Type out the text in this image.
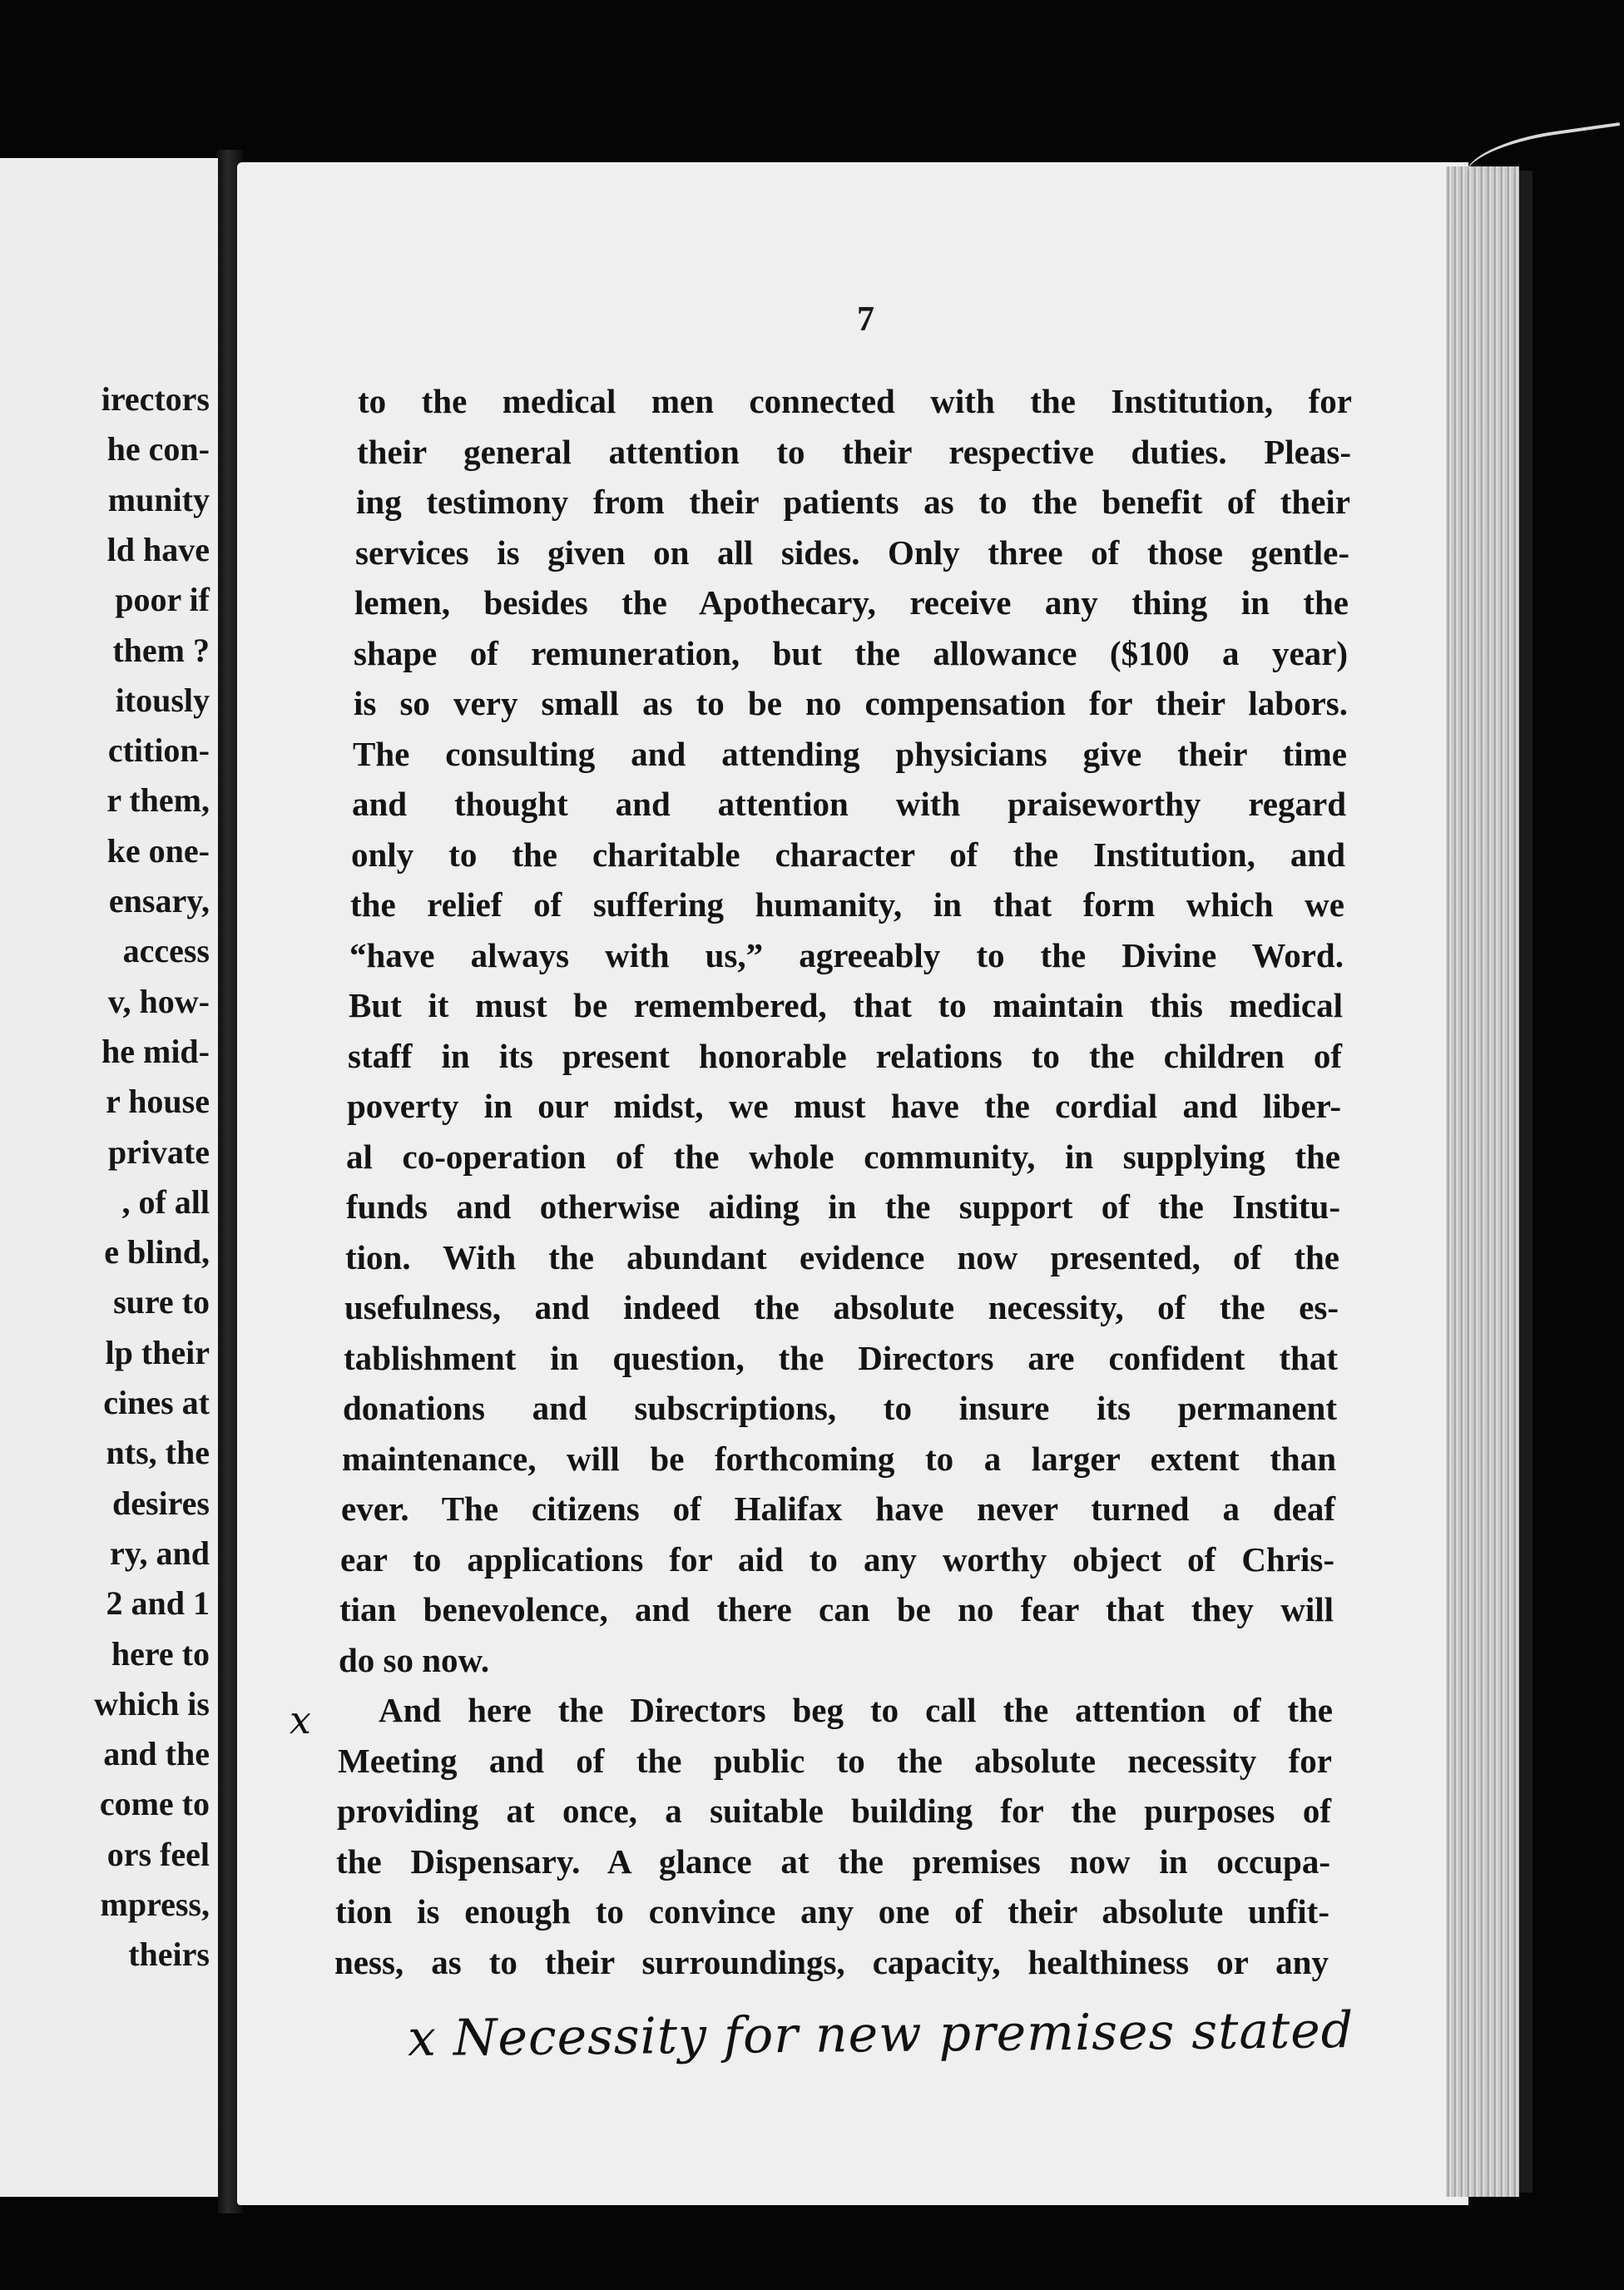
irectors
he con-
munity
ld have
poor if
them ?
itously
ctition-
r them,
ke one-
ensary,
access
v, how-
he mid-
r house
private
, of all
e blind,
sure to
lp their
cines at
nts, the
desires
ry, and
2 and 1
here to
which is
and the
come to
ors feel
mpress,
theirs
7
to the medical men connected with the Institution, for
their general attention to their respective duties. Pleas-
ing testimony from their patients as to the benefit of their
services is given on all sides. Only three of those gentle-
lemen, besides the Apothecary, receive any thing in the
shape of remuneration, but the allowance ($100 a year)
is so very small as to be no compensation for their labors.
The consulting and attending physicians give their time
and thought and attention with praiseworthy regard
only to the charitable character of the Institution, and
the relief of suffering humanity, in that form which we
“have always with us,” agreeably to the Divine Word.
But it must be remembered, that to maintain this medical
staff in its present honorable relations to the children of
poverty in our midst, we must have the cordial and liber-
al co-operation of the whole community, in supplying the
funds and otherwise aiding in the support of the Institu-
tion. With the abundant evidence now presented, of the
usefulness, and indeed the absolute necessity, of the es-
tablishment in question, the Directors are confident that
donations and subscriptions, to insure its permanent
maintenance, will be forthcoming to a larger extent than
ever. The citizens of Halifax have never turned a deaf
ear to applications for aid to any worthy object of Chris-
tian benevolence, and there can be no fear that they will
do so now.
And here the Directors beg to call the attention of the
Meeting and of the public to the absolute necessity for
providing at once, a suitable building for the purposes of
the Dispensary. A glance at the premises now in occupa-
tion is enough to convince any one of their absolute unfit-
ness, as to their surroundings, capacity, healthiness or any
x
x Necessity for new premises stated
